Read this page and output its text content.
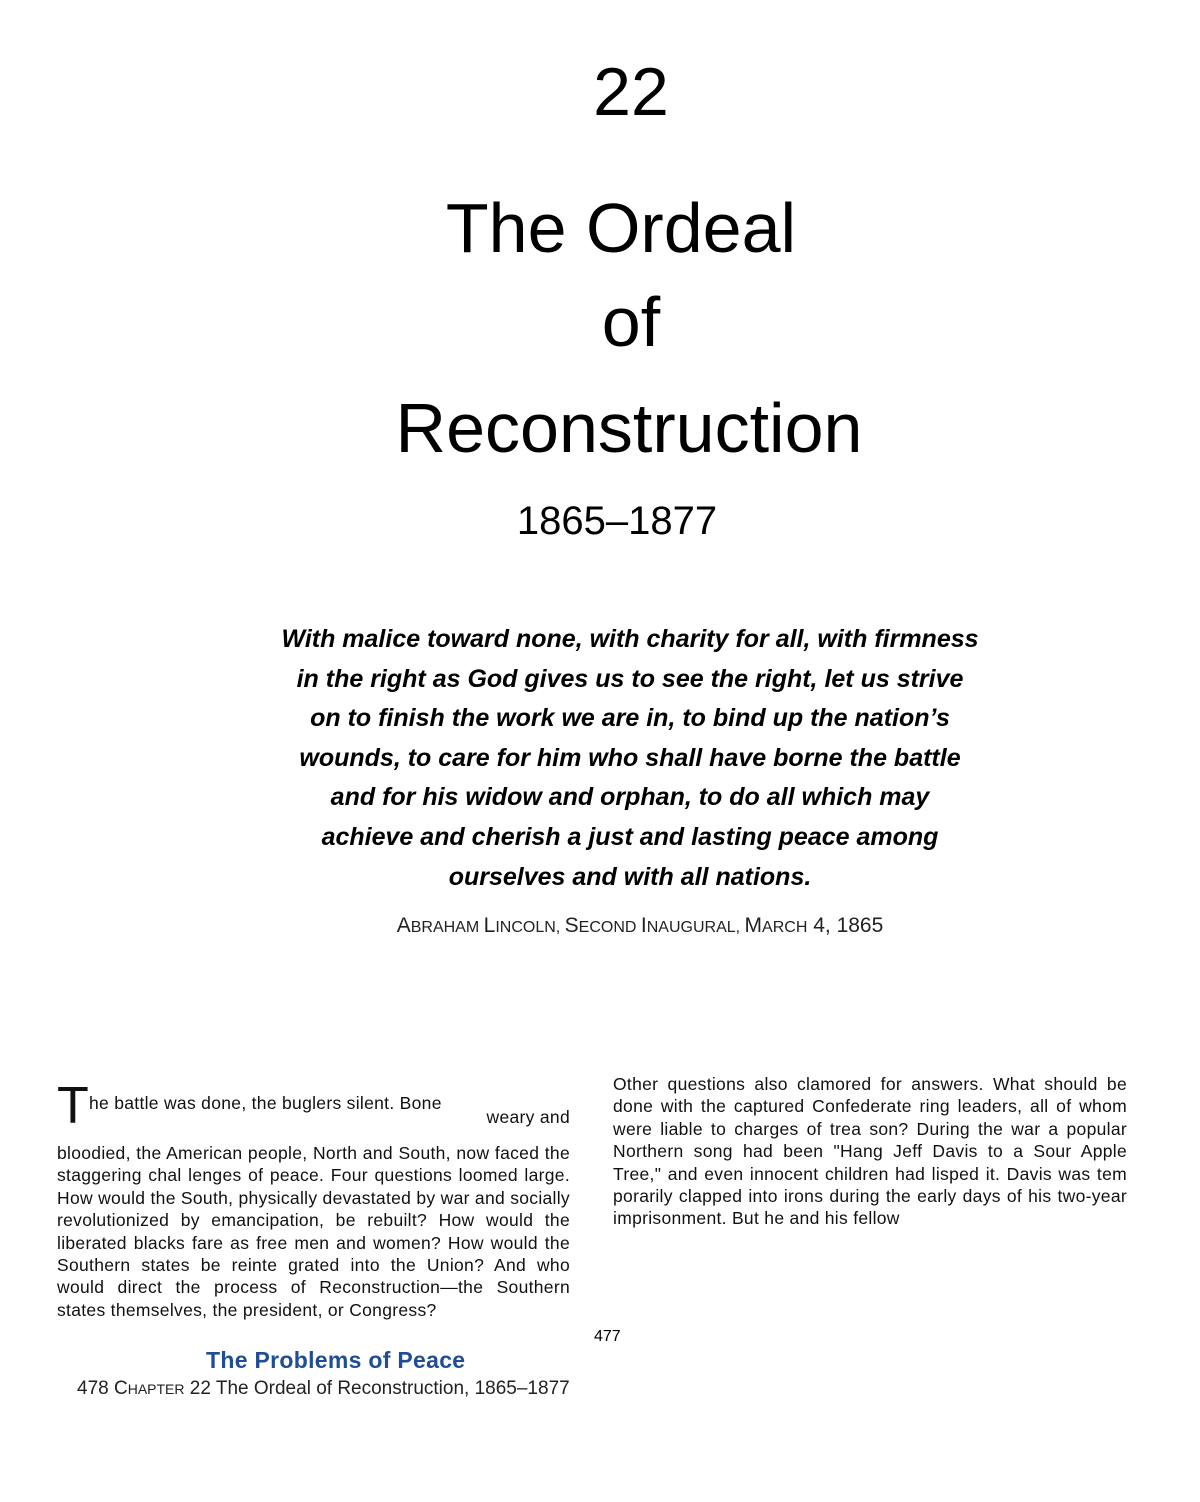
22
The Ordeal
of
Reconstruction
1865–1877
With malice toward none, with charity for all, with firmness
in the right as God gives us to see the right, let us strive
on to finish the work we are in, to bind up the nation’s
wounds, to care for him who shall have borne the battle
and for his widow and orphan, to do all which may
achieve and cherish a just and lasting peace among
ourselves and with all nations.
ABRAHAM LINCOLN, SECOND INAUGURAL, MARCH 4, 1865
T he battle was done, the buglers silent. Bone
weary and
bloodied, the American people, North and South, now faced the staggering chal lenges of peace. Four questions loomed large. How would the South, physically devastated by war and socially revolutionized by emancipation, be rebuilt? How would the liberated blacks fare as free men and women? How would the Southern states be reinte grated into the Union? And who would direct the process of Reconstruction—the Southern states themselves, the president, or Congress?
Other questions also clamored for answers. What should be done with the captured Confederate ring leaders, all of whom were liable to charges of trea son? During the war a popular Northern song had been "Hang Jeff Davis to a Sour Apple Tree," and even innocent children had lisped it. Davis was tem porarily clapped into irons during the early days of his two-year imprisonment. But he and his fellow
477
The Problems of Peace
478 CHAPTER 22 The Ordeal of Reconstruction, 1865–1877
